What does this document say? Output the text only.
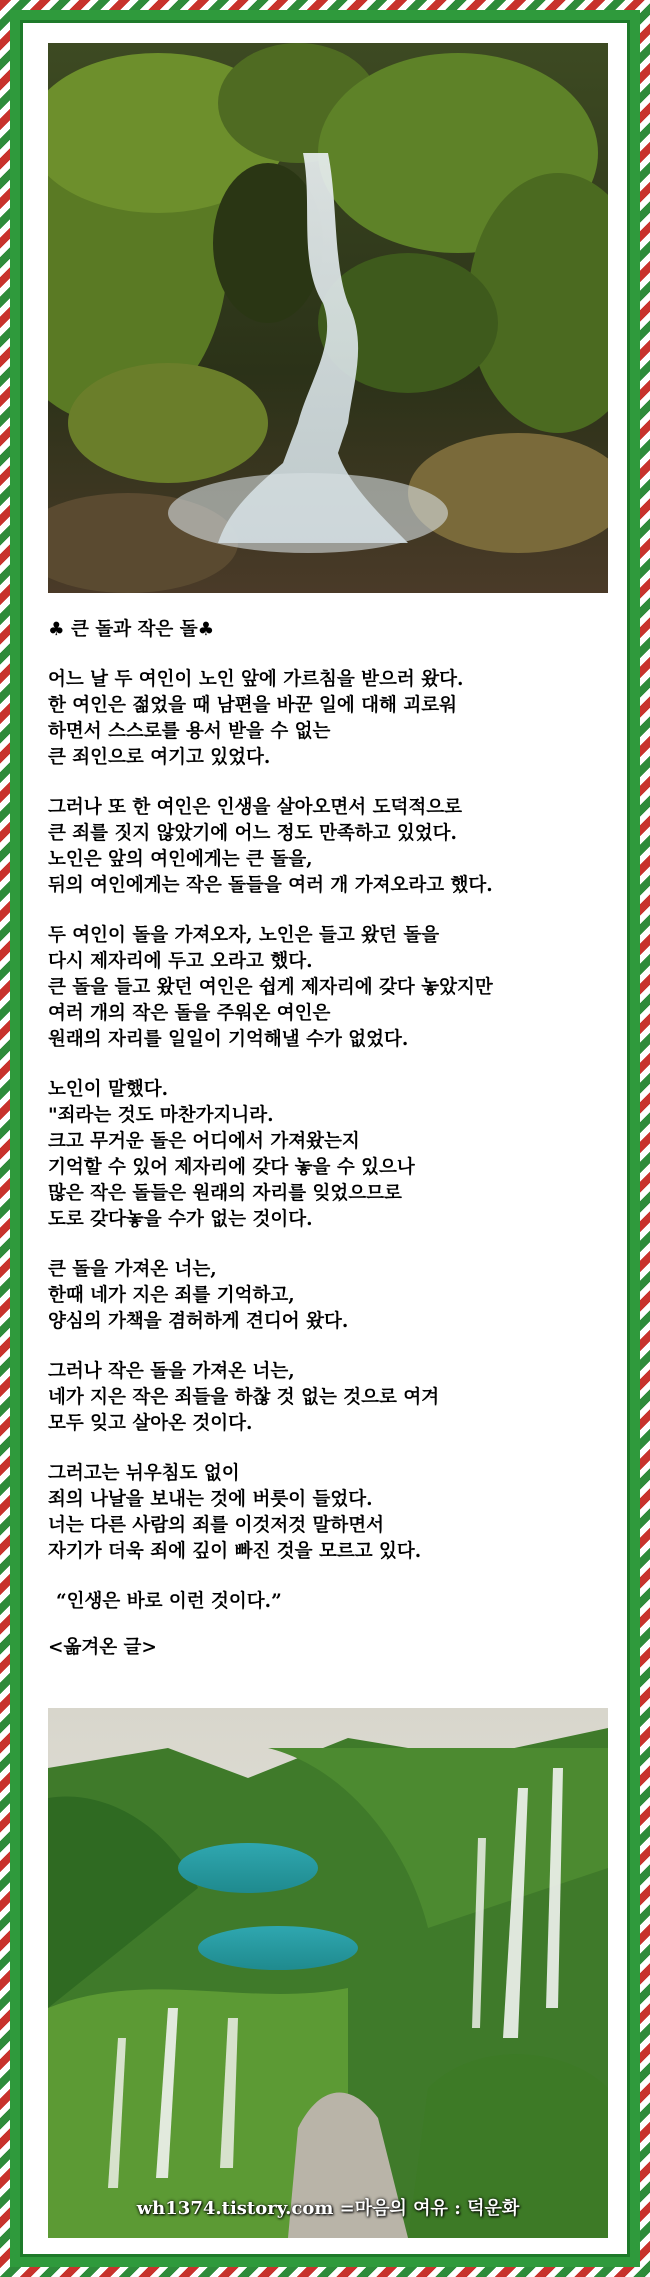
♣ 큰 돌과 작은 돌♣
어느 날 두 여인이 노인 앞에 가르침을 받으러 왔다.
한 여인은 젊었을 때 남편을 바꾼 일에 대해 괴로워
하면서 스스로를 용서 받을 수 없는
큰 죄인으로 여기고 있었다.
그러나 또 한 여인은 인생을 살아오면서 도덕적으로
큰 죄를 짓지 않았기에 어느 정도 만족하고 있었다.
노인은 앞의 여인에게는 큰 돌을,
뒤의 여인에게는 작은 돌들을 여러 개 가져오라고 했다.
두 여인이 돌을 가져오자, 노인은 들고 왔던 돌을
다시 제자리에 두고 오라고 했다.
큰 돌을 들고 왔던 여인은 쉽게 제자리에 갖다 놓았지만
여러 개의 작은 돌을 주워온 여인은
원래의 자리를 일일이 기억해낼 수가 없었다.
노인이 말했다.
"죄라는 것도 마찬가지니라.
크고 무거운 돌은 어디에서 가져왔는지
기억할 수 있어 제자리에 갖다 놓을 수 있으나
많은 작은 돌들은 원래의 자리를 잊었으므로
도로 갖다놓을 수가 없는 것이다.
큰 돌을 가져온 너는,
한때 네가 지은 죄를 기억하고,
양심의 가책을 겸허하게 견디어 왔다.
그러나 작은 돌을 가져온 너는,
네가 지은 작은 죄들을 하찮 것 없는 것으로 여겨
모두 잊고 살아온 것이다.
그러고는 뉘우침도 없이
죄의 나날을 보내는 것에 버릇이 들었다.
너는 다른 사람의 죄를 이것저것 말하면서
자기가 더욱 죄에 깊이 빠진 것을 모르고 있다.
“인생은 바로 이런 것이다.”
<옮겨온 글>
wh1374.tistory.com =마음의 여유 : 덕운화
